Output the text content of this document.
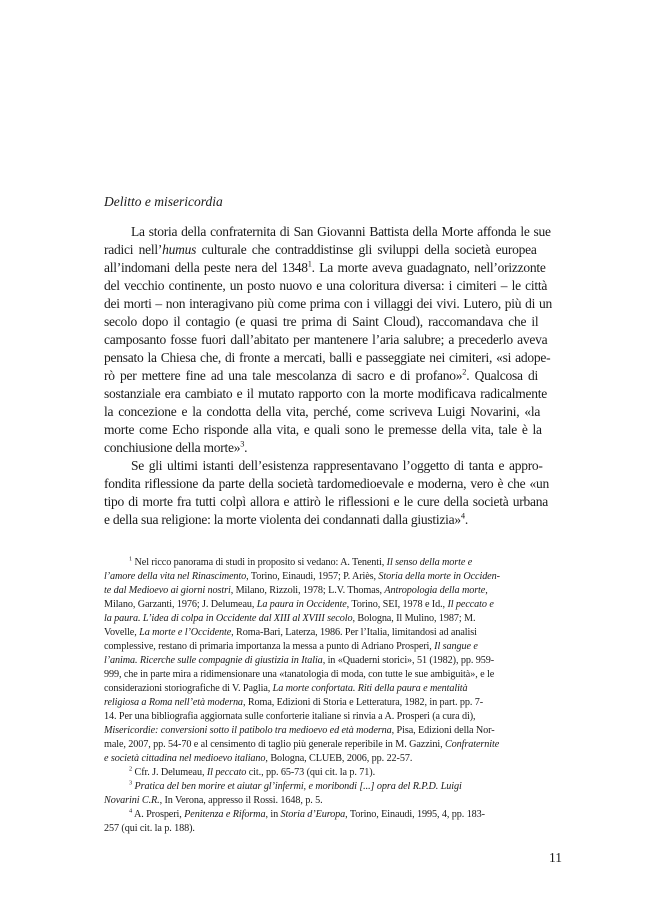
Delitto e misericordia
La storia della confraternita di San Giovanni Battista della Morte affonda le sue
radici nell’humus culturale che contraddistinse gli sviluppi della società europea
all’indomani della peste nera del 1348$^1$. La morte aveva guadagnato, nell’orizzonte
del vecchio continente, un posto nuovo e una coloritura diversa: i cimiteri – le città
dei morti – non interagivano più come prima con i villaggi dei vivi. Lutero, più di un
secolo dopo il contagio (e quasi tre prima di Saint Cloud), raccomandava che il
camposanto fosse fuori dall’abitato per mantenere l’aria salubre; a precederlo aveva
pensato la Chiesa che, di fronte a mercati, balli e passeggiate nei cimiteri, «si adope-
rò per mettere fine ad una tale mescolanza di sacro e di profano»$^2$. Qualcosa di
sostanziale era cambiato e il mutato rapporto con la morte modificava radicalmente
la concezione e la condotta della vita, perché, come scriveva Luigi Novarini, «la
morte come Echo risponde alla vita, e quali sono le premesse della vita, tale è la
conchiusione della morte»$^3$.
Se gli ultimi istanti dell’esistenza rappresentavano l’oggetto di tanta e appro-
fondita riflessione da parte della società tardomedioevale e moderna, vero è che «un
tipo di morte fra tutti colpì allora e attirò le riflessioni e le cure della società urbana
e della sua religione: la morte violenta dei condannati dalla giustizia»$^4$.
$^1$ Nel ricco panorama di studi in proposito si vedano: A. Tenenti, Il senso della morte e
l’amore della vita nel Rinascimento, Torino, Einaudi, 1957; P. Ariès, Storia della morte in Occiden-
te dal Medioevo ai giorni nostri, Milano, Rizzoli, 1978; L.V. Thomas, Antropologia della morte,
Milano, Garzanti, 1976; J. Delumeau, La paura in Occidente, Torino, SEI, 1978 e Id., Il peccato e
la paura. L’idea di colpa in Occidente dal XIII al XVIII secolo, Bologna, Il Mulino, 1987; M.
Vovelle, La morte e l’Occidente, Roma-Bari, Laterza, 1986. Per l’Italia, limitandosi ad analisi
complessive, restano di primaria importanza la messa a punto di Adriano Prosperi, Il sangue e
l’anima. Ricerche sulle compagnie di giustizia in Italia, in «Quaderni storici», 51 (1982), pp. 959-
999, che in parte mira a ridimensionare una «tanatologia di moda, con tutte le sue ambiguità», e le
considerazioni storiografiche di V. Paglia, La morte confortata. Riti della paura e mentalità
religiosa a Roma nell’età moderna, Roma, Edizioni di Storia e Letteratura, 1982, in part. pp. 7-
14. Per una bibliografia aggiornata sulle conforterie italiane si rinvia a A. Prosperi (a cura di),
Misericordie: conversioni sotto il patibolo tra medioevo ed età moderna, Pisa, Edizioni della Nor-
male, 2007, pp. 54-70 e al censimento di taglio più generale reperibile in M. Gazzini, Confraternite
e società cittadina nel medioevo italiano, Bologna, CLUEB, 2006, pp. 22-57.
$^2$ Cfr. J. Delumeau, Il peccato cit., pp. 65-73 (qui cit. la p. 71).
$^3$ Pratica del ben morire et aiutar gl’infermi, e moribondi [...] opra del R.P.D. Luigi
Novarini C.R., In Verona, appresso il Rossi. 1648, p. 5.
$^4$ A. Prosperi, Penitenza e Riforma, in Storia d’Europa, Torino, Einaudi, 1995, 4, pp. 183-
257 (qui cit. la p. 188).
11
